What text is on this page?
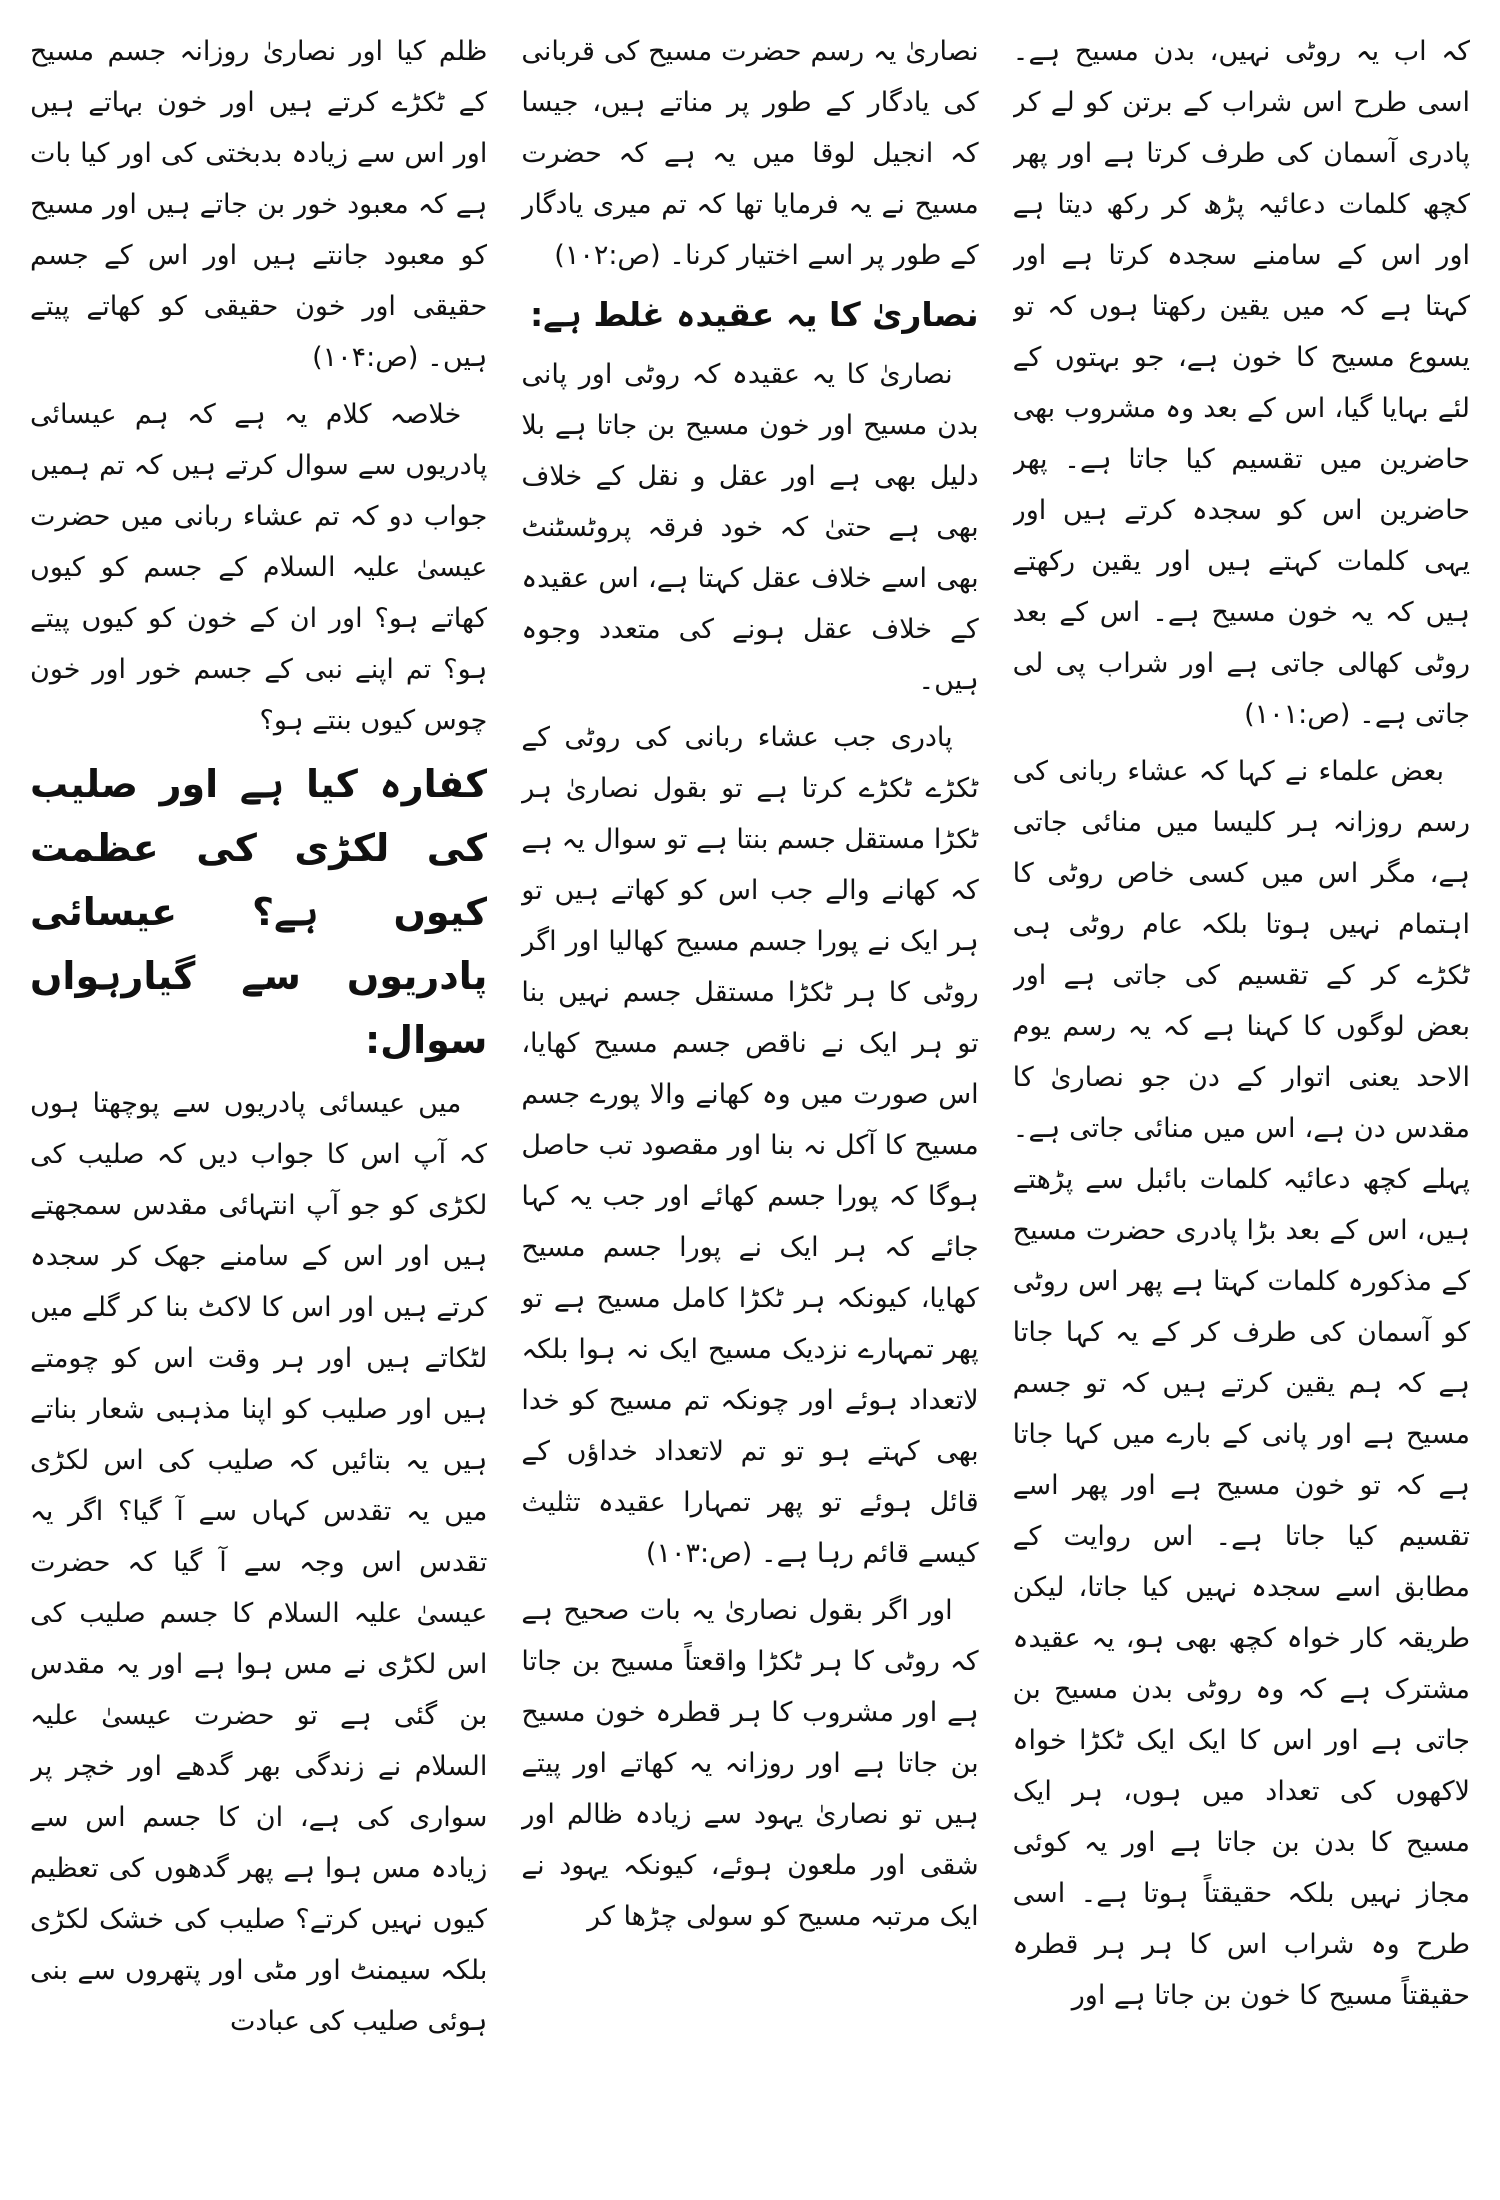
کہ اب یہ روٹی نہیں، بدن مسیح ہے۔ اسی طرح اس شراب کے برتن کو لے کر پادری آسمان کی طرف کرتا ہے اور پھر کچھ کلمات دعائیہ پڑھ کر رکھ دیتا ہے اور اس کے سامنے سجدہ کرتا ہے اور کہتا ہے کہ میں یقین رکھتا ہوں کہ تو یسوع مسیح کا خون ہے، جو بہتوں کے لئے بہایا گیا، اس کے بعد وہ مشروب بھی حاضرین میں تقسیم کیا جاتا ہے۔ پھر حاضرین اس کو سجدہ کرتے ہیں اور یہی کلمات کہتے ہیں اور یقین رکھتے ہیں کہ یہ خون مسیح ہے۔ اس کے بعد روٹی کھالی جاتی ہے اور شراب پی لی جاتی ہے۔ (ص:۱۰۱)

بعض علماء نے کہا کہ عشاء ربانی کی رسم روزانہ ہر کلیسا میں منائی جاتی ہے، مگر اس میں کسی خاص روٹی کا اہتمام نہیں ہوتا بلکہ عام روٹی ہی ٹکڑے کر کے تقسیم کی جاتی ہے اور بعض لوگوں کا کہنا ہے کہ یہ رسم یوم الاحد یعنی اتوار کے دن جو نصاریٰ کا مقدس دن ہے، اس میں منائی جاتی ہے۔ پہلے کچھ دعائیہ کلمات بائبل سے پڑھتے ہیں، اس کے بعد بڑا پادری حضرت مسیح کے مذکورہ کلمات کہتا ہے پھر اس روٹی کو آسمان کی طرف کر کے یہ کہا جاتا ہے کہ ہم یقین کرتے ہیں کہ تو جسم مسیح ہے اور پانی کے بارے میں کہا جاتا ہے کہ تو خون مسیح ہے اور پھر اسے تقسیم کیا جاتا ہے۔ اس روایت کے مطابق اسے سجدہ نہیں کیا جاتا، لیکن طریقہ کار خواہ کچھ بھی ہو، یہ عقیدہ مشترک ہے کہ وہ روٹی بدن مسیح بن جاتی ہے اور اس کا ایک ایک ٹکڑا خواہ لاکھوں کی تعداد میں ہوں، ہر ایک مسیح کا بدن بن جاتا ہے اور یہ کوئی مجاز نہیں بلکہ حقیقتاً ہوتا ہے۔ اسی طرح وہ شراب اس کا ہر ہر قطرہ حقیقتاً مسیح کا خون بن جاتا ہے اور

نصاریٰ یہ رسم حضرت مسیح کی قربانی کی یادگار کے طور پر مناتے ہیں، جیسا کہ انجیل لوقا میں یہ ہے کہ حضرت مسیح نے یہ فرمایا تھا کہ تم میری یادگار کے طور پر اسے اختیار کرنا۔ (ص:۱۰۲)

نصاریٰ کا یہ عقیدہ غلط ہے:

نصاریٰ کا یہ عقیدہ کہ روٹی اور پانی بدن مسیح اور خون مسیح بن جاتا ہے بلا دلیل بھی ہے اور عقل و نقل کے خلاف بھی ہے حتیٰ کہ خود فرقہ پروٹسٹنٹ بھی اسے خلاف عقل کہتا ہے، اس عقیدہ کے خلاف عقل ہونے کی متعدد وجوہ ہیں۔

پادری جب عشاء ربانی کی روٹی کے ٹکڑے ٹکڑے کرتا ہے تو بقول نصاریٰ ہر ٹکڑا مستقل جسم بنتا ہے تو سوال یہ ہے کہ کھانے والے جب اس کو کھاتے ہیں تو ہر ایک نے پورا جسم مسیح کھالیا اور اگر روٹی کا ہر ٹکڑا مستقل جسم نہیں بنا تو ہر ایک نے ناقص جسم مسیح کھایا، اس صورت میں وہ کھانے والا پورے جسم مسیح کا آکل نہ بنا اور مقصود تب حاصل ہوگا کہ پورا جسم کھائے اور جب یہ کہا جائے کہ ہر ایک نے پورا جسم مسیح کھایا، کیونکہ ہر ٹکڑا کامل مسیح ہے تو پھر تمہارے نزدیک مسیح ایک نہ ہوا بلکہ لاتعداد ہوئے اور چونکہ تم مسیح کو خدا بھی کہتے ہو تو تم لاتعداد خداؤں کے قائل ہوئے تو پھر تمہارا عقیدہ تثلیث کیسے قائم رہا ہے۔ (ص:۱۰۳)

اور اگر بقول نصاریٰ یہ بات صحیح ہے کہ روٹی کا ہر ٹکڑا واقعتاً مسیح بن جاتا ہے اور مشروب کا ہر قطرہ خون مسیح بن جاتا ہے اور روزانہ یہ کھاتے اور پیتے ہیں تو نصاریٰ یہود سے زیادہ ظالم اور شقی اور ملعون ہوئے، کیونکہ یہود نے ایک مرتبہ مسیح کو سولی چڑھا کر

ظلم کیا اور نصاریٰ روزانہ جسم مسیح کے ٹکڑے کرتے ہیں اور خون بہاتے ہیں اور اس سے زیادہ بدبختی کی اور کیا بات ہے کہ معبود خور بن جاتے ہیں اور مسیح کو معبود جانتے ہیں اور اس کے جسم حقیقی اور خون حقیقی کو کھاتے پیتے ہیں۔ (ص:۱۰۴)

خلاصہ کلام یہ ہے کہ ہم عیسائی پادریوں سے سوال کرتے ہیں کہ تم ہمیں جواب دو کہ تم عشاء ربانی میں حضرت عیسیٰ علیہ السلام کے جسم کو کیوں کھاتے ہو؟ اور ان کے خون کو کیوں پیتے ہو؟ تم اپنے نبی کے جسم خور اور خون چوس کیوں بنتے ہو؟

کفارہ کیا ہے اور صلیب کی لکڑی کی عظمت کیوں ہے؟ عیسائی پادریوں سے گیارہواں سوال:

میں عیسائی پادریوں سے پوچھتا ہوں کہ آپ اس کا جواب دیں کہ صلیب کی لکڑی کو جو آپ انتہائی مقدس سمجھتے ہیں اور اس کے سامنے جھک کر سجدہ کرتے ہیں اور اس کا لاکٹ بنا کر گلے میں لٹکاتے ہیں اور ہر وقت اس کو چومتے ہیں اور صلیب کو اپنا مذہبی شعار بناتے ہیں یہ بتائیں کہ صلیب کی اس لکڑی میں یہ تقدس کہاں سے آ گیا؟ اگر یہ تقدس اس وجہ سے آ گیا کہ حضرت عیسیٰ علیہ السلام کا جسم صلیب کی اس لکڑی نے مس ہوا ہے اور یہ مقدس بن گئی ہے تو حضرت عیسیٰ علیہ السلام نے زندگی بھر گدھے اور خچر پر سواری کی ہے، ان کا جسم اس سے زیادہ مس ہوا ہے پھر گدھوں کی تعظیم کیوں نہیں کرتے؟ صلیب کی خشک لکڑی بلکہ سیمنٹ اور مٹی اور پتھروں سے بنی ہوئی صلیب کی عبادت
